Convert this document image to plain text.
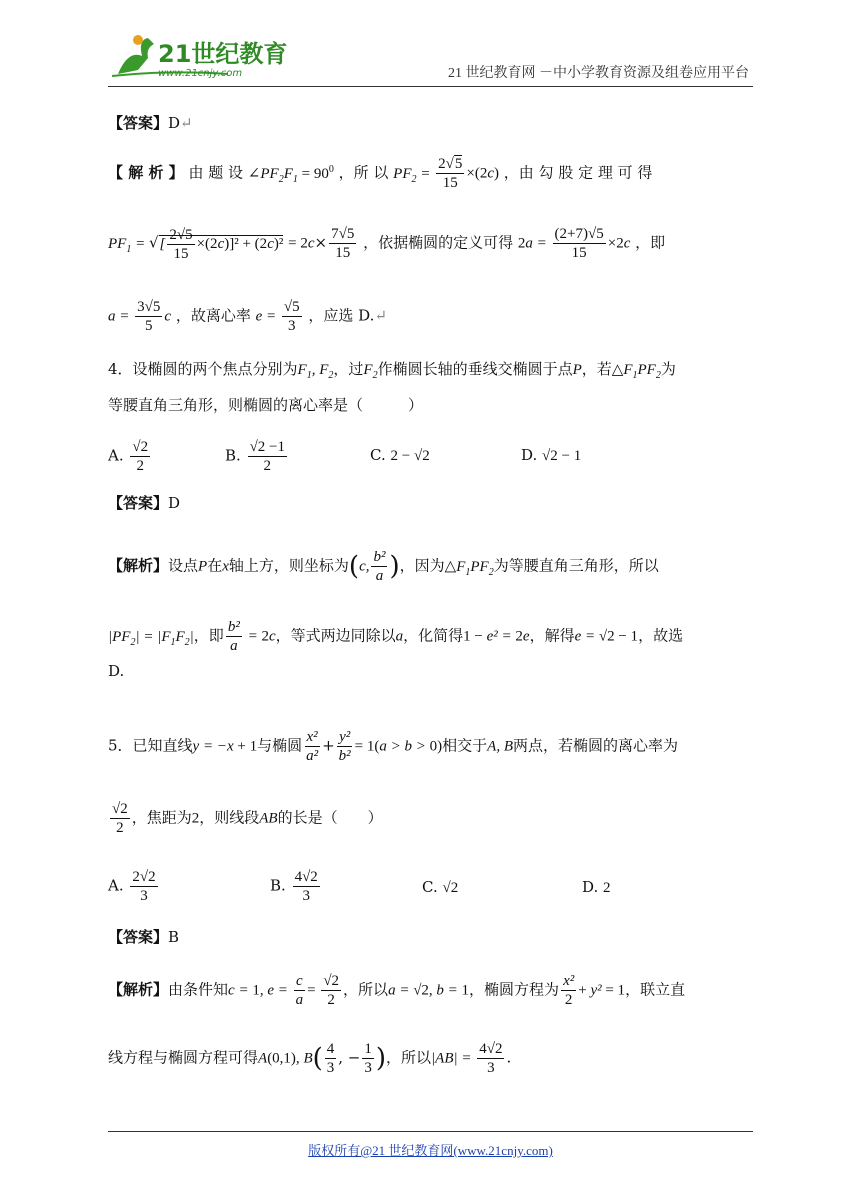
21世纪教育
www.21cnjy.com	21 世纪教育网 －中小学教育资源及组卷应用平台
【答案】D↵
【 解 析 】 由 题 设 $\angle PF_2F_1 = 90^0$ ，所 以 $PF_2 = \frac{2√5}{15} \times(2c)$ ，由 勾 股 定 理 可 得
$PF_1$ = √[ $\frac{2√5}{15} \times(2c)]^2 + (2c)^2 = 2c\times \frac{7√5}{15}$ ，依据椭圆的定义可得 $2a = \frac{(2+7)√5}{15} \times 2c$ ，即
$a = \frac{3√5}{5}$ c ，故离心率 $e = \frac{√5}{3}$ ，应选 D.↵
4．设椭圆的两个焦点分别为$F_1$, $F_2$，过$F_2$作椭圆长轴的垂线交椭圆于点P，若$\triangle F_1PF_2$为
等腰直角三角形，则椭圆的离心率是（　　　）
A. $\frac{√2}{2}$	B. $\frac{√2 -1}{2}$	C. 2 − √2	D. √2 − 1
【答案】D
【解析】设点P在x轴上方，则坐标为(c, $\frac{\text{b²}}{a}$ )，因为$\triangle F_1PF_2$为等腰直角三角形，所以
$|PF_2| = |F_1F_2|$，即 $\frac{\text{b²}}{a} = 2c$，等式两边同除以a，化简得1 − e² = 2e，解得e = √2 − 1，故选
D.
5．已知直线y = −x + 1与椭圆 $\frac{\text{x²}}{\text{a²}} + \frac{\text{y²}}{\text{b²}} = 1(a > b > 0)$相交于A, B两点，若椭圆的离心率为
$\frac{√2}{2}$ ，焦距为2，则线段AB的长是（　　）
A. $\frac{2√2}{3}$	B. $\frac{4√2}{3}$	C. √2	D. 2
【答案】B
【解析】由条件知c = 1, $e = \frac{c}{a} = \frac{√2}{2}$ ，所以a = √2, b = 1，椭圆方程为 $\frac{\text{x²}}{2} + y^2 = 1$，联立直
线方程与椭圆方程可得A(0,1), $B( \frac{4}{3}$ , − $\frac{1}{3}$ )，所以$|AB| = \frac{4√2}{3}$ .
版权所有@21 世纪教育网(www.21cnjy.com)
